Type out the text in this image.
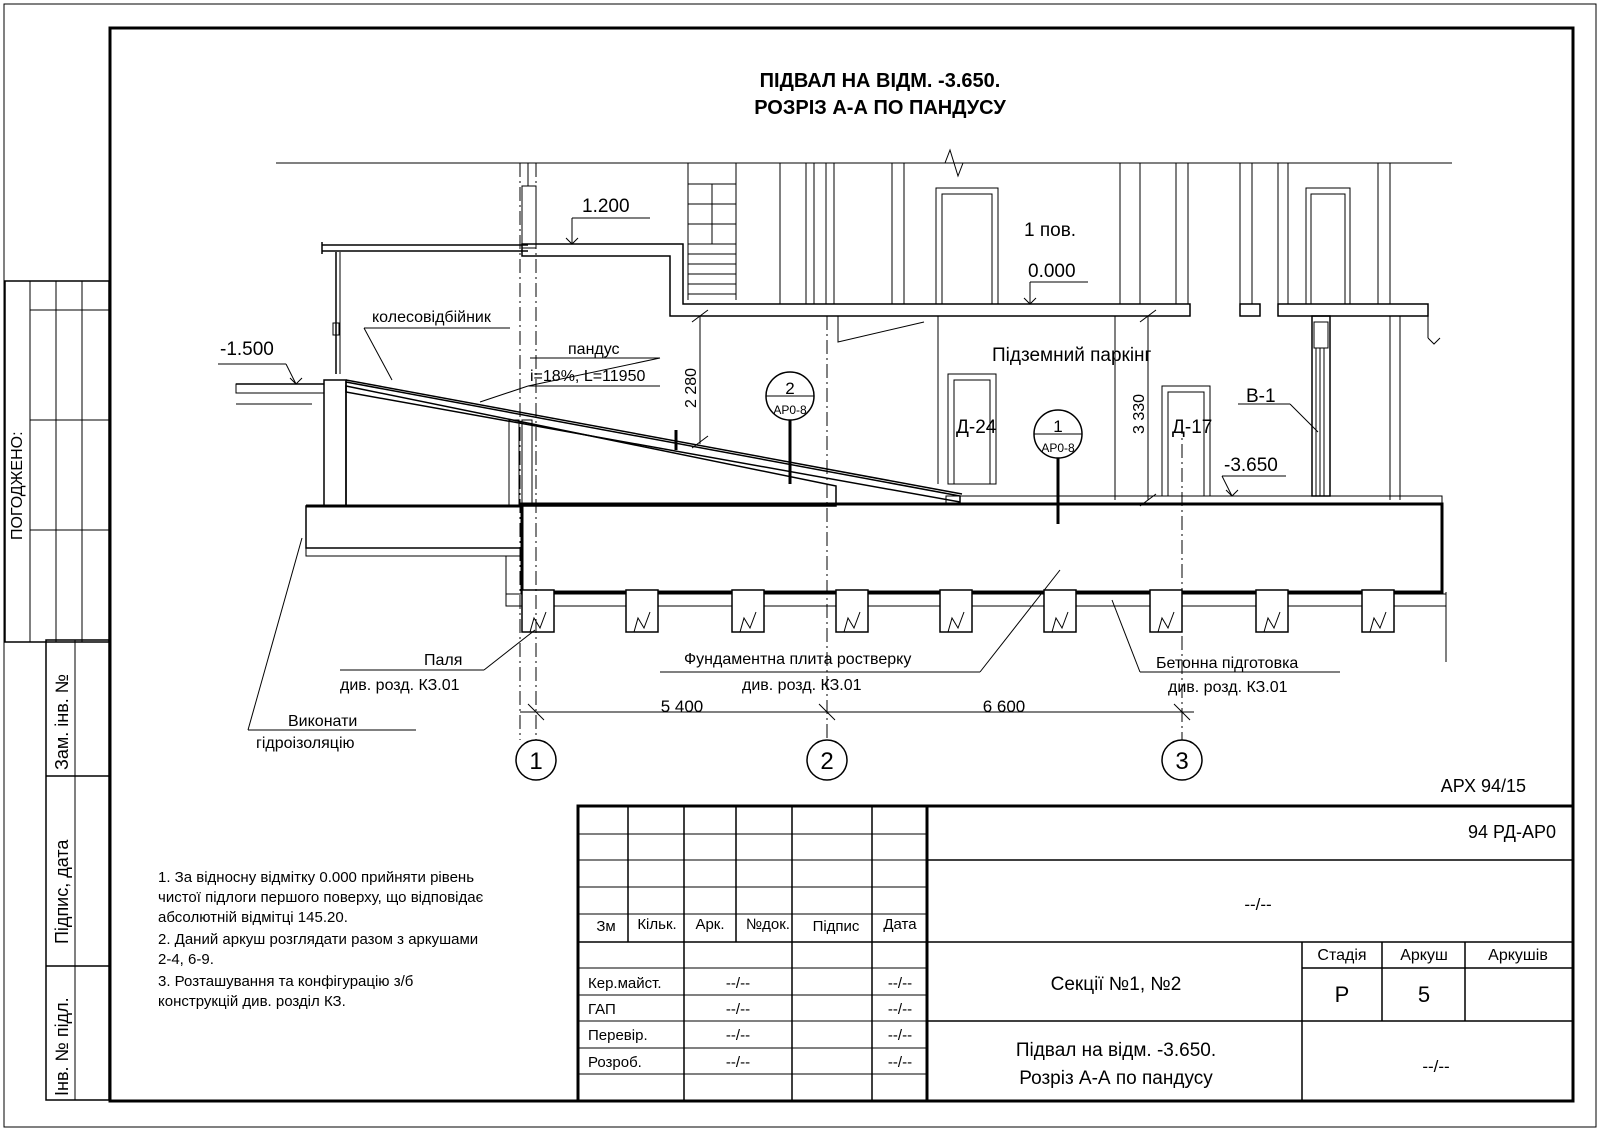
ПОГОДЖЕНО:
Зам. інв. №
Підпис, дата
Інв. № підл.
ПІДВАЛ НА ВІДМ. -3.650.
РОЗРІЗ А-А ПО ПАНДУСУ
1 пов.
Підземний паркінг
колесовідбійник
пандус
i=18%, L=11950
Д-24	Д-17
В-1
1.200
0.000
-1.500
-3.650
2 280
3 330
5 400	6 600
2
АР0-8
1
АР0-8
Паля
див. розд. КЗ.01
Фундаментна плита ростверку
див. розд. КЗ.01
Бетонна підготовка
див. розд. КЗ.01
Виконати
гідроізоляцію
1	2	3
1. За відносну відмітку 0.000 прийняти рівень
чистої підлоги першого поверху, що відповідає
абсолютній відмітці 145.20.
2. Даний аркуш розглядати разом з аркушами
2-4, 6-9.
3. Розташування та конфігурацію з/б
конструкцій див. розділ КЗ.
АРХ 94/15
94 РД-АР0
--/--
Зм Кільк. Арк. №док. Підпис Дата
Кер.майст.	--/--	--/--
ГАП	--/--	--/--
Перевір.	--/--	--/--
Розроб.	--/--	--/--
Секції №1, №2
Стадія Аркуш	Аркушів
Р	5
Підвал на відм. -3.650.
Розріз А-А по пандусу
--/--
